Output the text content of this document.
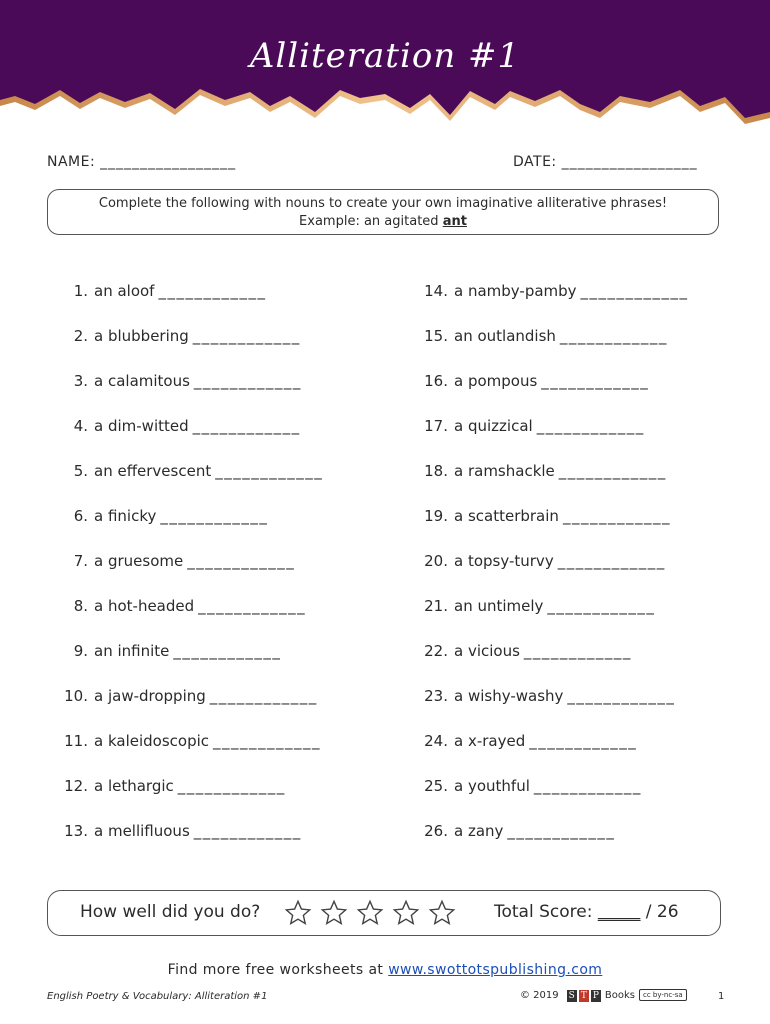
Alliteration #1
NAME: _________________	DATE: _________________
Complete the following with nouns to create your own imaginative alliterative phrases!
Example: an agitated ant
1. an aloof ____________
2. a blubbering ____________
3. a calamitous ____________
4. a dim-witted ____________
5. an effervescent ____________
6. a finicky ____________
7. a gruesome ____________
8. a hot-headed ____________
9. an infinite ____________
10. a jaw-dropping ____________
11. a kaleidoscopic ____________
12. a lethargic ____________
13. a mellifluous ____________
14. a namby-pamby ____________
15. an outlandish ____________
16. a pompous ____________
17. a quizzical ____________
18. a ramshackle ____________
19. a scatterbrain ____________
20. a topsy-turvy ____________
21. an untimely ____________
22. a vicious ____________
23. a wishy-washy ____________
24. a x-rayed ____________
25. a youthful ____________
26. a zany ____________
How well did you do?	Total Score: _____ / 26
Find more free worksheets at www.swottotspublishing.com
English Poetry & Vocabulary: Alliteration #1	© 2019	S T P Books	cc by-nc-sa	1
